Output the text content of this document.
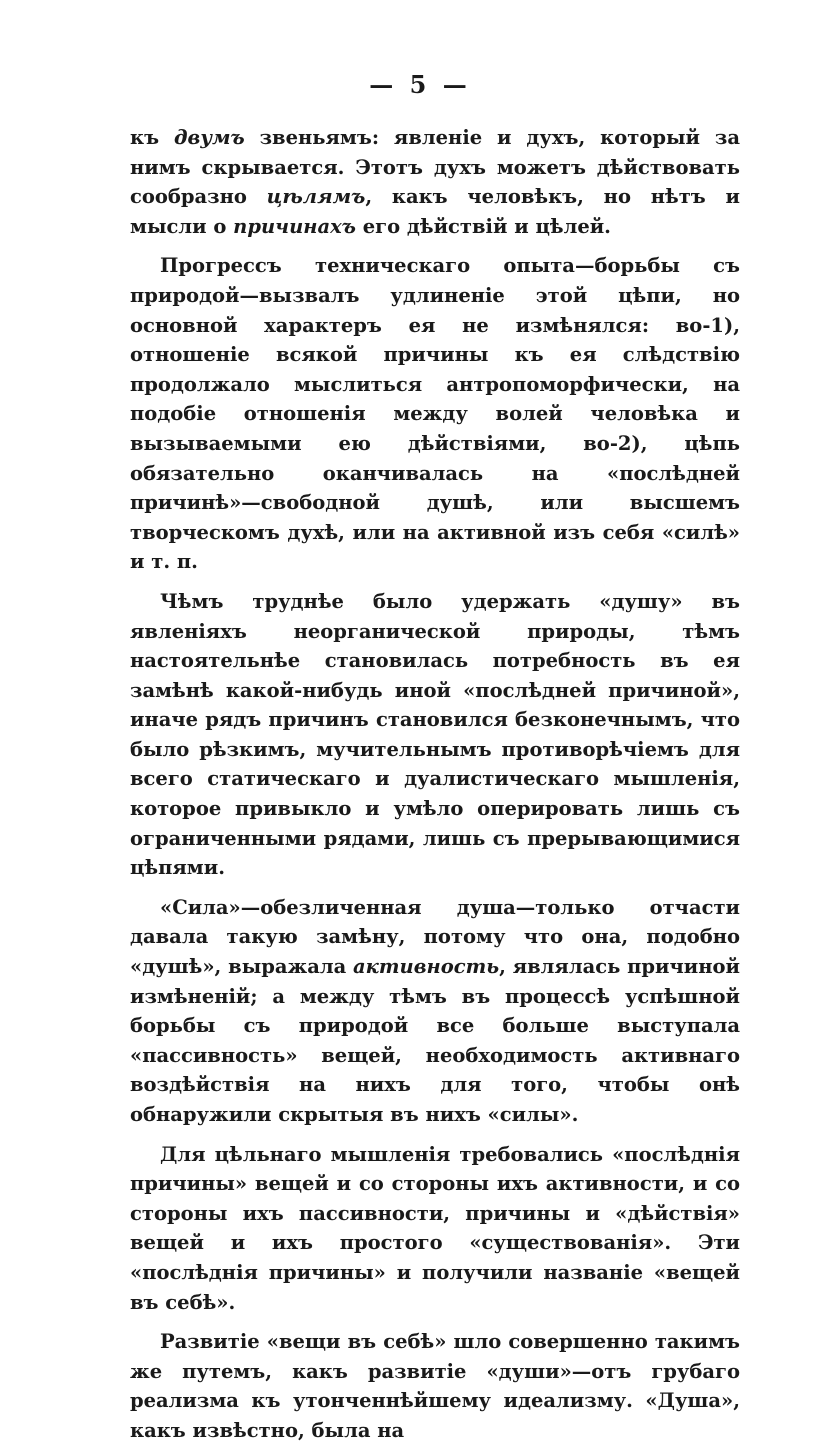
— 5 —

къ двумъ звеньямъ: явленіе и духъ, который за нимъ скрывается. Этотъ духъ можетъ дѣйствовать сообразно цѣлямъ, какъ человѣкъ, но нѣтъ и мысли о причинахъ его дѣйствій и цѣлей.

Прогрессъ техническаго опыта—борьбы съ природой—вызвалъ удлиненіе этой цѣпи, но основной характеръ ея не измѣнялся: во-1), отношеніе всякой причины къ ея слѣдствію продолжало мыслиться антропоморфически, на подобіе отношенія между волей человѣка и вызываемыми ею дѣйствіями, во-2), цѣпь обязательно оканчивалась на «послѣдней причинѣ»—свободной душѣ, или высшемъ творческомъ духѣ, или на активной изъ себя «силѣ» и т. п.

Чѣмъ труднѣе было удержать «душу» въ явленіяхъ неорганической природы, тѣмъ настоятельнѣе становилась потребность въ ея замѣнѣ какой-нибудь иной «послѣдней причиной», иначе рядъ причинъ становился безконечнымъ, что было рѣзкимъ, мучительнымъ противорѣчіемъ для всего статическаго и дуалистическаго мышленія, которое привыкло и умѣло оперировать лишь съ ограниченными рядами, лишь съ прерывающимися цѣпями.

«Сила»—обезличенная душа—только отчасти давала такую замѣну, потому что она, подобно «душѣ», выражала активность, являлась причиной измѣненій; а между тѣмъ въ процессѣ успѣшной борьбы съ природой все больше выступала «пассивность» вещей, необходимость активнаго воздѣйствія на нихъ для того, чтобы онѣ обнаружили скрытыя въ нихъ «силы».

Для цѣльнаго мышленія требовались «послѣднія причины» вещей и со стороны ихъ активности, и со стороны ихъ пассивности, причины и «дѣйствія» вещей и ихъ простого «существованія». Эти «послѣднія причины» и получили названіе «вещей въ себѣ».

Развитіе «вещи въ себѣ» шло совершенно такимъ же путемъ, какъ развитіе «души»—отъ грубаго реализма къ утонченнѣйшему идеализму. «Душа», какъ извѣстно, была на
